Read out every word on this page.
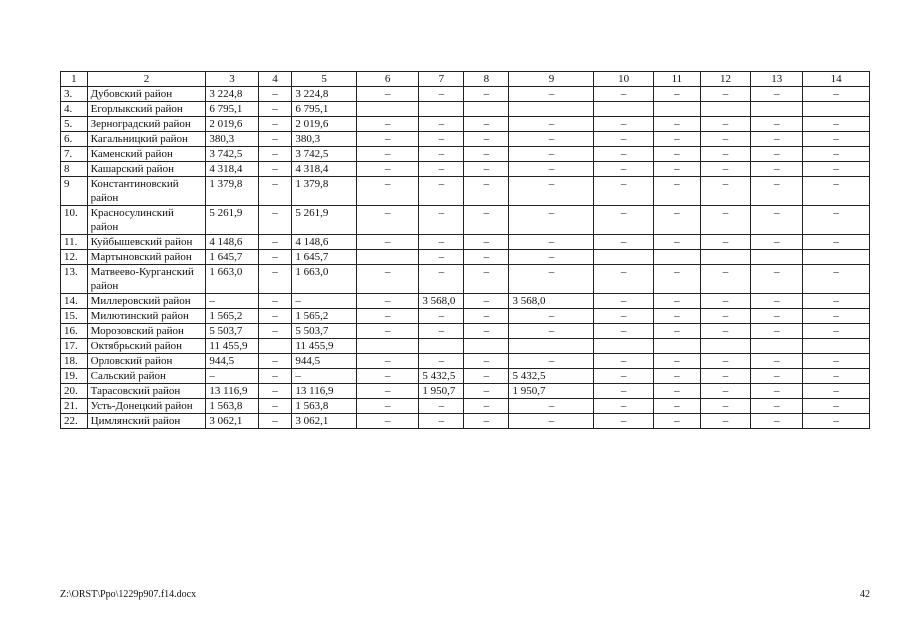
1	2	3	4	5	6	7	8	9	10	11	12	13	14
3.	Дубовский район	3 224,8	–	3 224,8	–	–	–	–	–	–	–	–	–
4.	Егорлыкский район	6 795,1	–	6 795,1									
5.	Зерноградский район	2 019,6	–	2 019,6	–	–	–	–	–	–	–	–	–
6.	Кагальницкий район	380,3	–	380,3	–	–	–	–	–	–	–	–	–
7.	Каменский район	3 742,5	–	3 742,5	–	–	–	–	–	–	–	–	–
8	Кашарский район	4 318,4	–	4 318,4	–	–	–	–	–	–	–	–	–
9	Константиновский район	1 379,8	–	1 379,8	–	–	–	–	–	–	–	–	–
10.	Красносулинский район	5 261,9	–	5 261,9	–	–	–	–	–	–	–	–	–
11.	Куйбышевский район	4 148,6	–	4 148,6	–	–	–	–	–	–	–	–	–
12.	Мартыновский район	1 645,7	–	1 645,7		–	–	–					
13.	Матвеево-Курганский район	1 663,0	–	1 663,0	–	–	–	–	–	–	–	–	–
14.	Миллеровский район	–	–	–	–	3 568,0	–	3 568,0	–	–	–	–	–
15.	Милютинский район	1 565,2	–	1 565,2	–	–	–	–	–	–	–	–	–
16.	Морозовский район	5 503,7	–	5 503,7	–	–	–	–	–	–	–	–	–
17.	Октябрьский район	11 455,9		11 455,9									
18.	Орловский район	944,5	–	944,5	–	–	–	–	–	–	–	–	–
19.	Сальский район	–	–	–	–	5 432,5	–	5 432,5	–	–	–	–	–
20.	Тарасовский район	13 116,9	–	13 116,9	–	1 950,7	–	1 950,7	–	–	–	–	–
21.	Усть-Донецкий район	1 563,8	–	1 563,8	–	–	–	–	–	–	–	–	–
22.	Цимлянский район	3 062,1	–	3 062,1	–	–	–	–	–	–	–	–	–
Z:\ORST\Ppo\1229p907.f14.docx	42
